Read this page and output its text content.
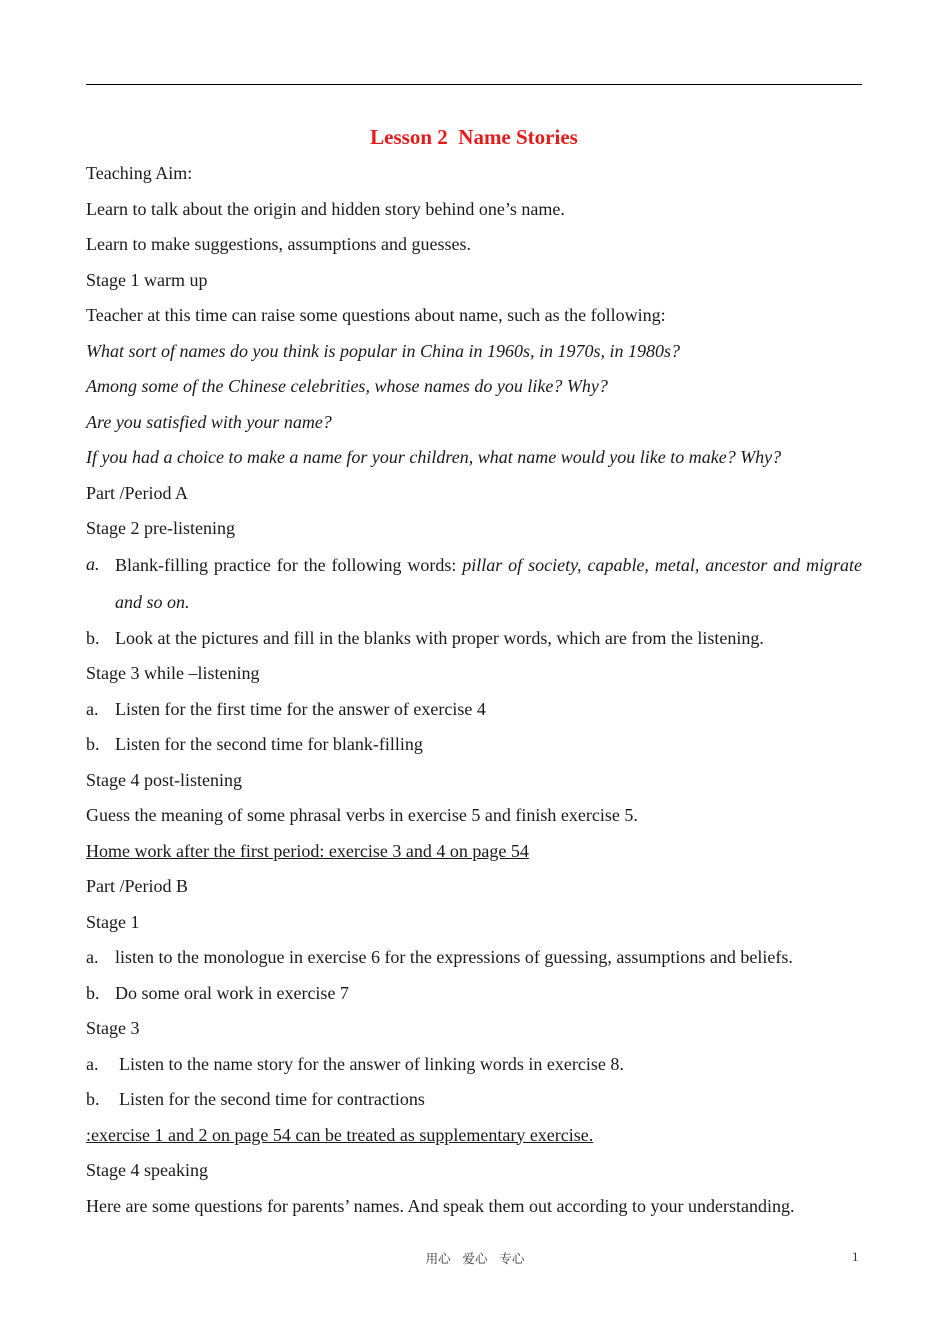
Lesson 2  Name Stories
Teaching Aim:
Learn to talk about the origin and hidden story behind one’s name.
Learn to make suggestions, assumptions and guesses.
Stage 1 warm up
Teacher at this time can raise some questions about name, such as the following:
What sort of names do you think is popular in China in 1960s, in 1970s, in 1980s?
Among some of the Chinese celebrities, whose names do you like? Why?
Are you satisfied with your name?
If you had a choice to make a name for your children, what name would you like to make? Why?
Part /Period A
Stage 2 pre-listening
a. Blank-filling practice for the following words: pillar of society, capable, metal, ancestor and migrate and so on.
b. Look at the pictures and fill in the blanks with proper words, which are from the listening.
Stage 3 while –listening
a. Listen for the first time for the answer of exercise 4
b. Listen for the second time for blank-filling
Stage 4 post-listening
Guess the meaning of some phrasal verbs in exercise 5 and finish exercise 5.
Home work after the first period: exercise 3 and 4 on page 54
Part /Period B
Stage 1
a. listen to the monologue in exercise 6 for the expressions of guessing, assumptions and beliefs.
b. Do some oral work in exercise 7
Stage 3
a.	Listen to the name story for the answer of linking words in exercise 8.
b.	Listen for the second time for contractions
:exercise 1 and 2 on page 54 can be treated as supplementary exercise.
Stage 4 speaking
Here are some questions for parents’ names. And speak them out according to your understanding.
用心   爱心   专心	1
